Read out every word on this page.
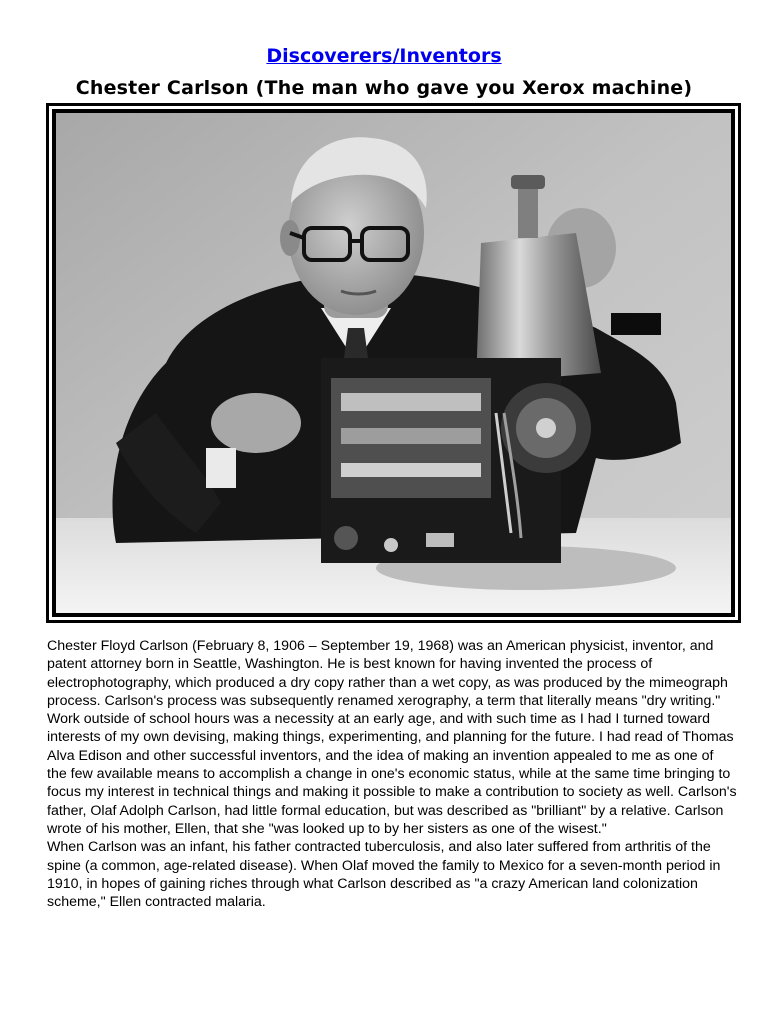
Discoverers/Inventors
Chester Carlson (The man who gave you Xerox machine)

Chester Floyd Carlson (February 8, 1906 – September 19, 1968) was an American physicist, inventor, and patent attorney born in Seattle, Washington. He is best known for having invented the process of electrophotography, which produced a dry copy rather than a wet copy, as was produced by the mimeograph process. Carlson's process was subsequently renamed xerography, a term that literally means "dry writing." Work outside of school hours was a necessity at an early age, and with such time as I had I turned toward interests of my own devising, making things, experimenting, and planning for the future. I had read of Thomas Alva Edison and other successful inventors, and the idea of making an invention appealed to me as one of the few available means to accomplish a change in one's economic status, while at the same time bringing to focus my interest in technical things and making it possible to make a contribution to society as well. Carlson's father, Olaf Adolph Carlson, had little formal education, but was described as "brilliant" by a relative. Carlson wrote of his mother, Ellen, that she "was looked up to by her sisters as one of the wisest."

When Carlson was an infant, his father contracted tuberculosis, and also later suffered from arthritis of the spine (a common, age-related disease). When Olaf moved the family to Mexico for a seven-month period in 1910, in hopes of gaining riches through what Carlson described as "a crazy American land colonization scheme," Ellen contracted malaria.
